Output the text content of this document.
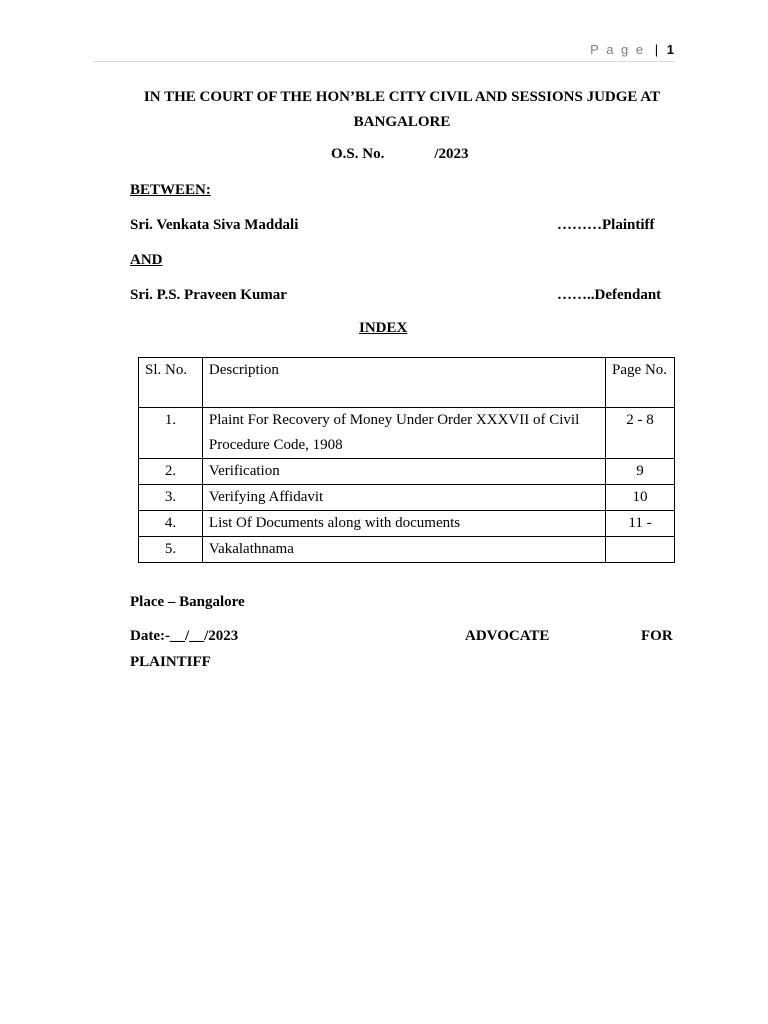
P a g e | 1
IN THE COURT OF THE HON’BLE CITY CIVIL AND SESSIONS JUDGE AT
BANGALORE
O.S. No.	/2023
BETWEEN:
Sri. Venkata Siva Maddali	………Plaintiff
AND
Sri. P.S. Praveen Kumar	……..Defendant
INDEX
Sl. No.	Description	Page No.
1.	Plaint For Recovery of Money Under Order XXXVII of Civil Procedure Code, 1908	2 - 8
2.	Verification	9
3.	Verifying Affidavit	10
4.	List Of Documents along with documents	11 -
5.	Vakalathnama	
Place – Bangalore
Date:-__/__/2023	ADVOCATE	FOR
PLAINTIFF
